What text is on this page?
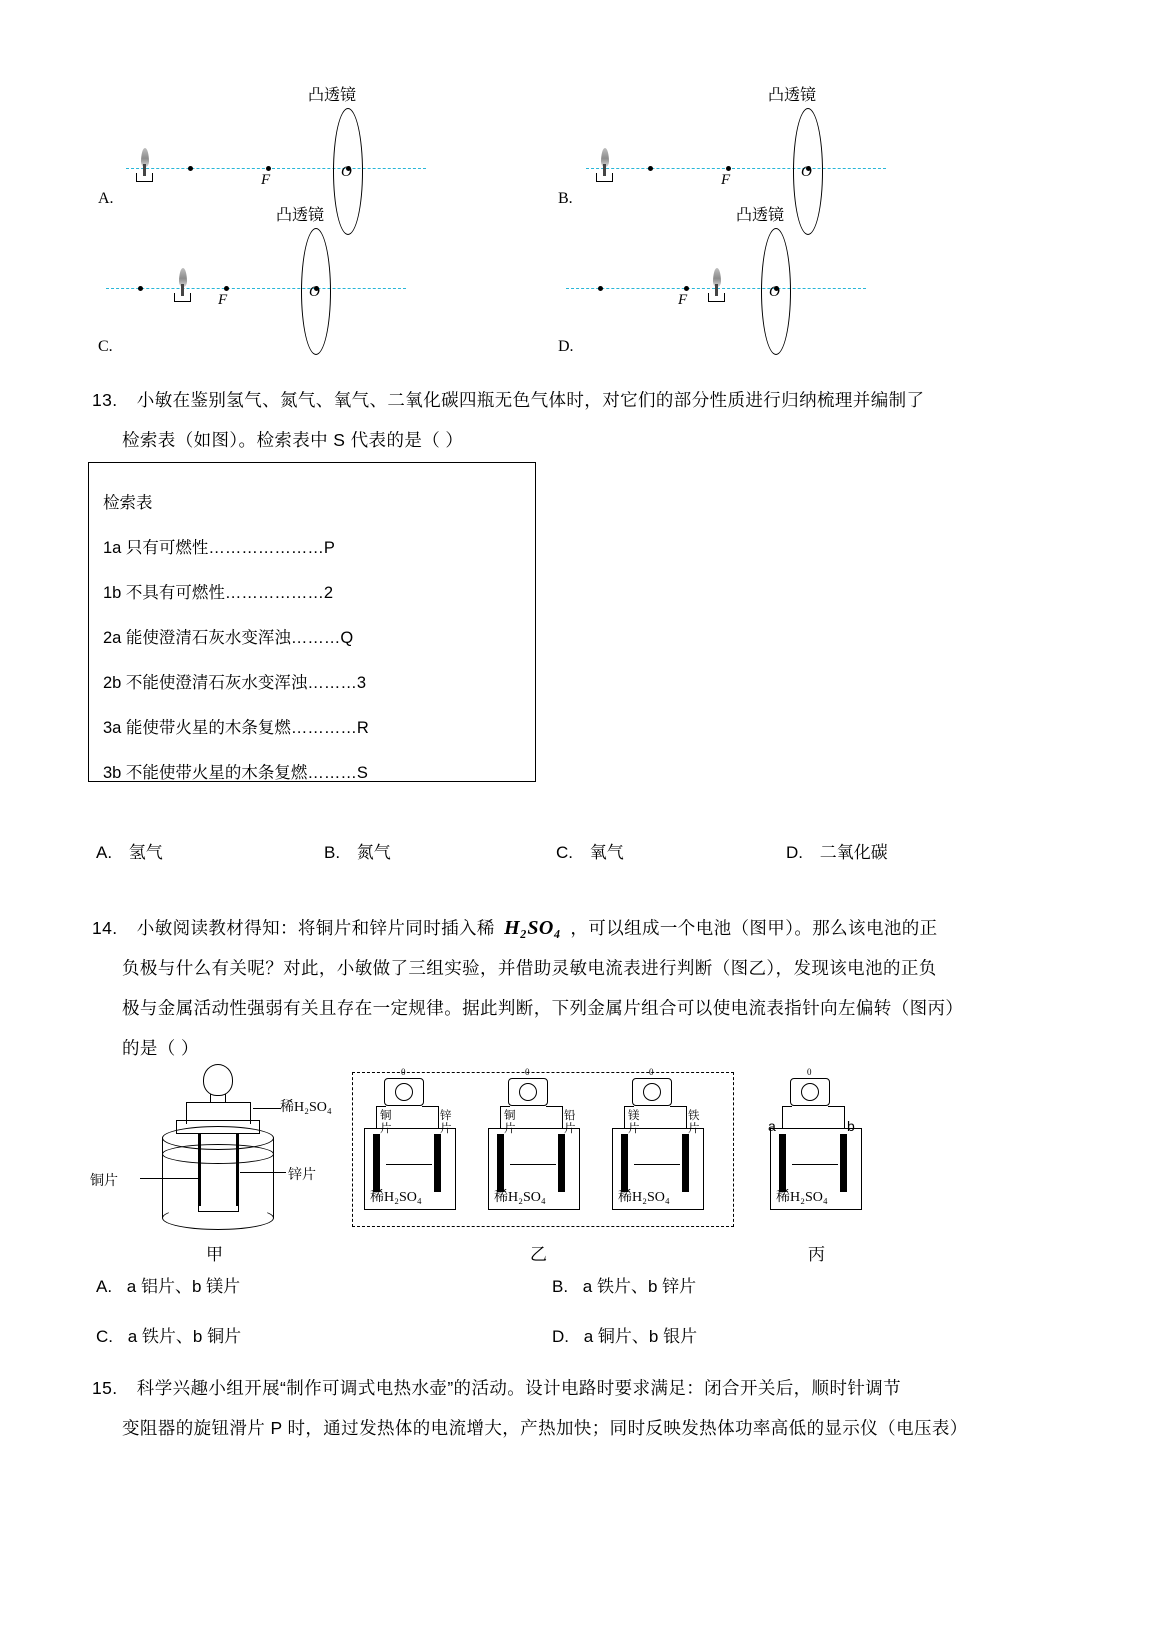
A.
凸透镜
F	O
B.
凸透镜
F	O
C.
凸透镜
F	O
D.
凸透镜
F	O
13. 小敏在鉴别氢气、氮气、氧气、二氧化碳四瓶无色气体时，对它们的部分性质进行归纳梳理并编制了
检索表（如图）。检索表中 S 代表的是（ ）
检索表
1a 只有可燃性…………………P
1b 不具有可燃性………………2
2a 能使澄清石灰水变浑浊………Q
2b 不能使澄清石灰水变浑浊………3
3a 能使带火星的木条复燃…………R
3b 不能使带火星的木条复燃………S
A. 氢气	B. 氮气	C. 氧气	D. 二氧化碳
14. 小敏阅读教材得知：将铜片和锌片同时插入稀 H₂SO₄ ，可以组成一个电池（图甲）。那么该电池的正
负极与什么有关呢？对此，小敏做了三组实验，并借助灵敏电流表进行判断（图乙），发现该电池的正负
极与金属活动性强弱有关且存在一定规律。据此判断，下列金属片组合可以使电流表指针向左偏转（图丙）
的是（ ）
稀H₂SO₄
铜片	锌片
甲
0
铜
片
锌
片
稀H₂SO₄
0
铜
片
铅
片
稀H₂SO₄
0
镁
片
铁
片
稀H₂SO₄
乙
0
a	b
稀H₂SO₄
丙
A. a 铝片、b 镁片	B. a 铁片、b 锌片
C. a 铁片、b 铜片	D. a 铜片、b 银片
15. 科学兴趣小组开展“制作可调式电热水壶”的活动。设计电路时要求满足：闭合开关后，顺时针调节
变阻器的旋钮滑片 P 时，通过发热体的电流增大，产热加快；同时反映发热体功率高低的显示仪（电压表）
